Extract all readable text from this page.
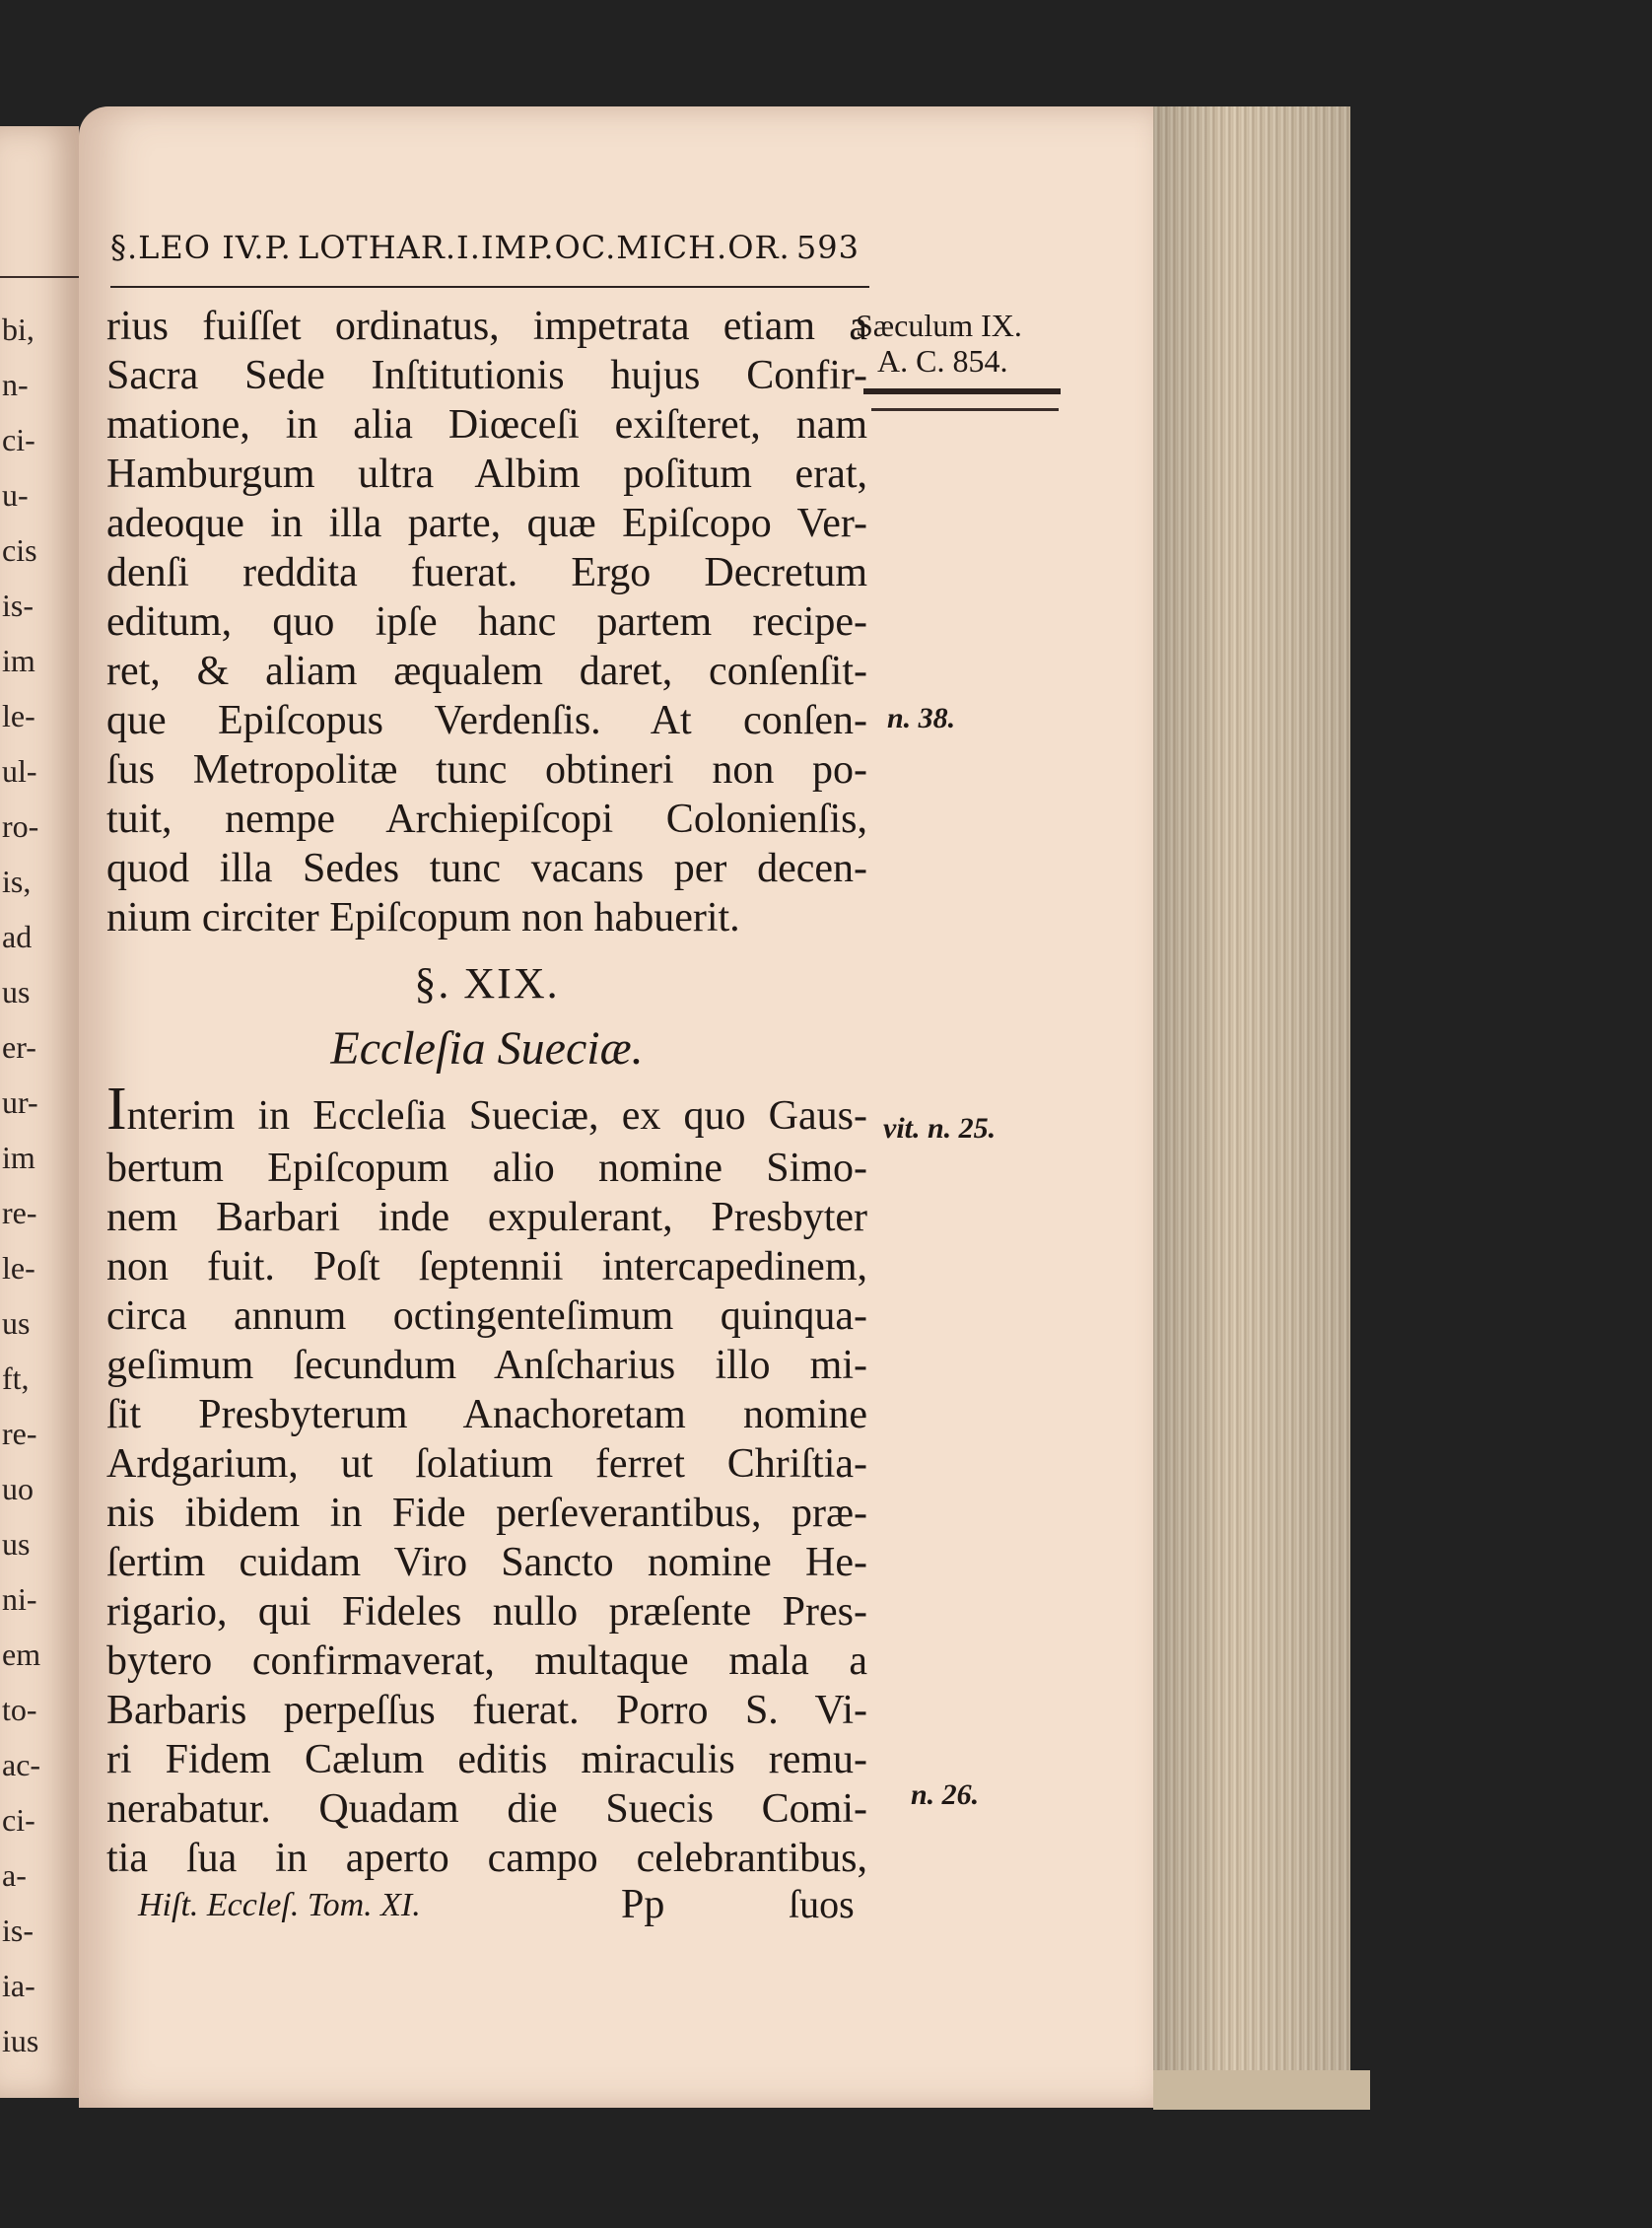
bi,
n-
ci-
u-
cis
is-
im
le-
ul-
ro-
is,
ad
us
er-
ur-
im
re-
le-
us
ft,
re-
uo
us
ni-
em
to-
ac-
ci-
a-
is-
ia-
ius
§.LEO IV.P. LOTHAR.I.IMP.OC.MICH.OR. 593
Sæculum IX.
A. C. 854.
rius fuiſſet ordinatus, impetrata etiam a
Sacra Sede Inſtitutionis hujus Confir-
matione, in alia Diœceſi exiſteret, nam
Hamburgum ultra Albim poſitum erat,
adeoque in illa parte, quæ Epiſcopo Ver-
denſi reddita fuerat. Ergo Decretum
editum, quo ipſe hanc partem recipe-
ret, & aliam æqualem daret, conſenſit-
que Epiſcopus Verdenſis. At conſen-
ſus Metropolitæ tunc obtineri non po-
tuit, nempe Archiepiſcopi Colonienſis,
quod illa Sedes tunc vacans per decen-
nium circiter Epiſcopum non habuerit.
n. 38.
§. XIX.
Eccleſia Sueciæ.
Interim in Eccleſia Sueciæ, ex quo Gaus-
bertum Epiſcopum alio nomine Simo-
nem Barbari inde expulerant, Presbyter
non fuit. Poſt ſeptennii intercapedinem,
circa annum octingenteſimum quinqua-
geſimum ſecundum Anſcharius illo mi-
ſit Presbyterum Anachoretam nomine
Ardgarium, ut ſolatium ferret Chriſtia-
nis ibidem in Fide perſeverantibus, præ-
ſertim cuidam Viro Sancto nomine He-
rigario, qui Fideles nullo præſente Pres-
bytero confirmaverat, multaque mala a
Barbaris perpeſſus fuerat. Porro S. Vi-
ri Fidem Cælum editis miraculis remu-
nerabatur. Quadam die Suecis Comi-
tia ſua in aperto campo celebrantibus,
vit. n. 25.
n. 26.
Hiſt. Eccleſ. Tom. XI.	Pp	ſuos
